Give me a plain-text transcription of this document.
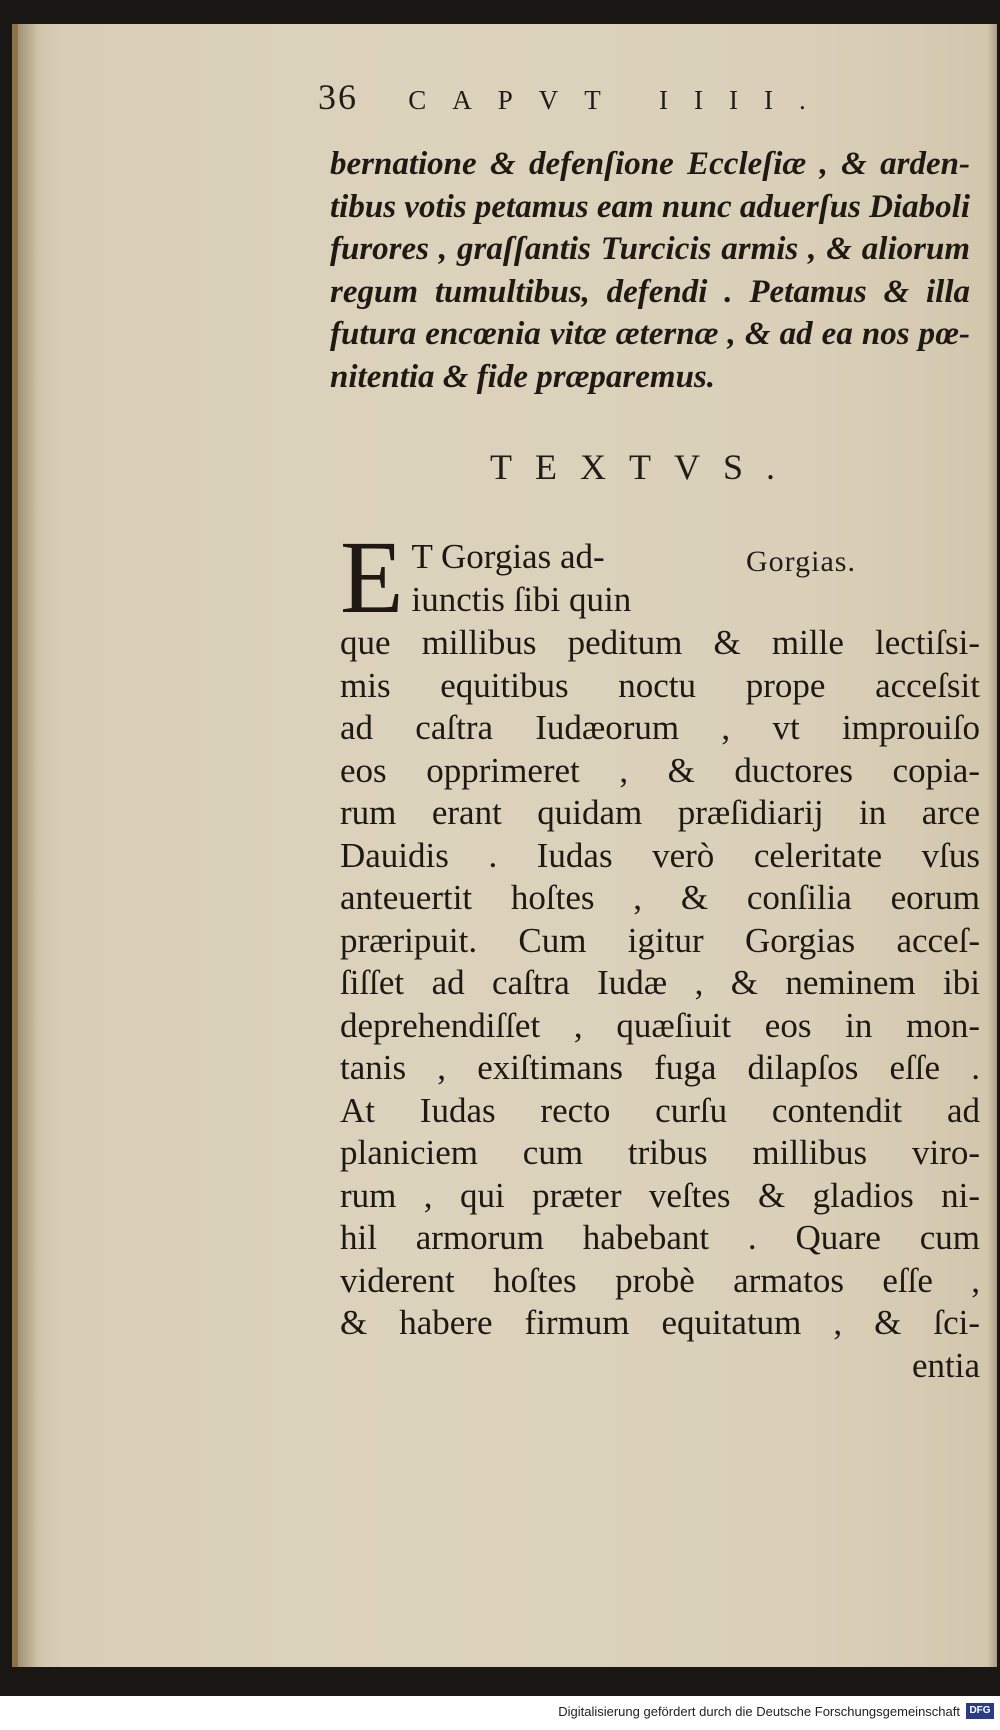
36 CAPVT IIII.
bernatione & defenſione Eccleſiæ , & arden-
tibus votis petamus eam nunc aduerſus Diaboli
furores , graſſantis Turcicis armis , & aliorum
regum tumultibus, defendi . Petamus & illa
futura encœnia vitæ æternæ , & ad ea nos pœ-
nitentia & fide præparemus.
TEXTVS.
Gorgias.
E T Gorgias ad-
iunctis ſibi quin
que millibus peditum & mille lectiſsi-
mis equitibus noctu prope acceſsit
ad caſtra Iudæorum , vt improuiſo
eos opprimeret , & ductores copia-
rum erant quidam præſidiarij in arce
Dauidis . Iudas verò celeritate vſus
anteuertit hoſtes , & conſilia eorum
præripuit. Cum igitur Gorgias acceſ-
ſiſſet ad caſtra Iudæ , & neminem ibi
deprehendiſſet , quæſiuit eos in mon-
tanis , exiſtimans fuga dilapſos eſſe .
At Iudas recto curſu contendit ad
planiciem cum tribus millibus viro-
rum , qui præter veſtes & gladios ni-
hil armorum habebant . Quare cum
viderent hoſtes probè armatos eſſe ,
& habere firmum equitatum , & ſci-
entia
Digitalisierung gefördert durch die Deutsche Forschungsgemeinschaft DFG
